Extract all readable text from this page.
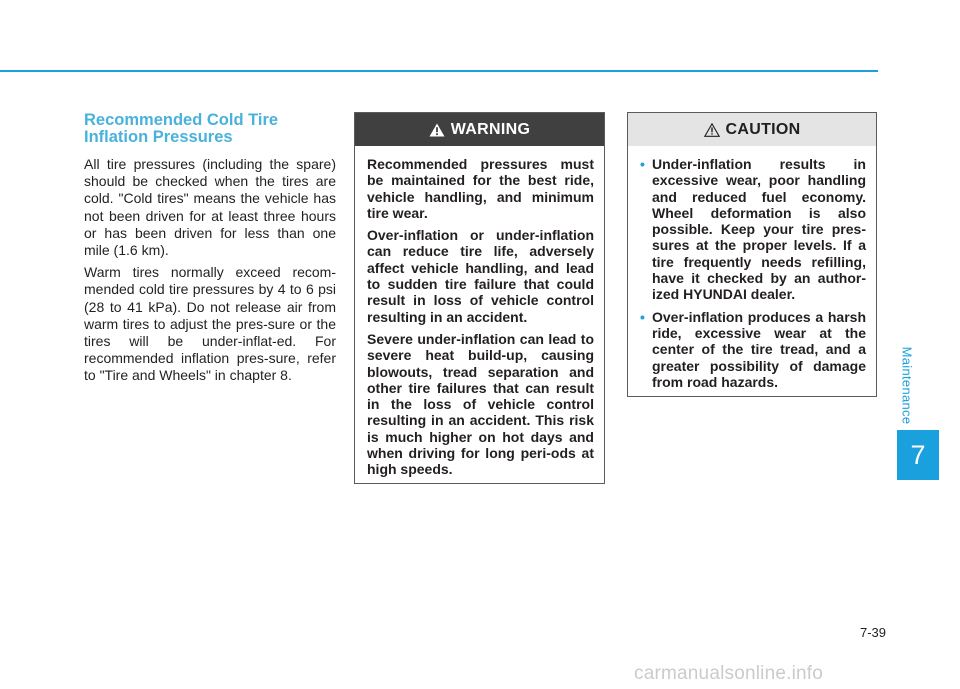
Maintenance
7
Recommended Cold Tire Inflation Pressures

All tire pressures (including the spare) should be checked when the tires are cold. "Cold tires" means the vehicle has not been driven for at least three hours or has been driven for less than one mile (1.6 km).

Warm tires normally exceed recom-mended cold tire pressures by 4 to 6 psi (28 to 41 kPa). Do not release air from warm tires to adjust the pres-sure or the tires will be under-inflat-ed. For recommended inflation pres-sure, refer to "Tire and Wheels" in chapter 8.

WARNING

Recommended pressures must be maintained for the best ride, vehicle handling, and minimum tire wear.

Over-inflation or under-inflation can reduce tire life, adversely affect vehicle handling, and lead to sudden tire failure that could result in loss of vehicle control resulting in an accident.

Severe under-inflation can lead to severe heat build-up, causing blowouts, tread separation and other tire failures that can result in the loss of vehicle control resulting in an accident. This risk is much higher on hot days and when driving for long peri-ods at high speeds.

CAUTION
• Under-inflation results in excessive wear, poor handling and reduced fuel economy. Wheel deformation is also possible. Keep your tire pres-sures at the proper levels. If a tire frequently needs refilling, have it checked by an author-ized HYUNDAI dealer.
• Over-inflation produces a harsh ride, excessive wear at the center of the tire tread, and a greater possibility of damage from road hazards.
7-39
carmanualsonline.info
